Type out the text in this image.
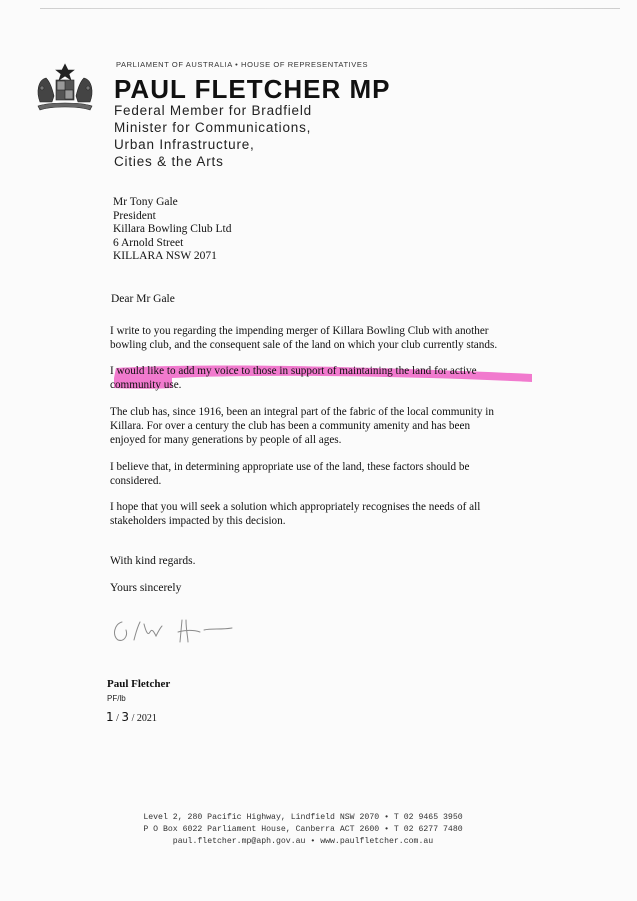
PARLIAMENT OF AUSTRALIA • HOUSE OF REPRESENTATIVES
PAUL FLETCHER MP
Federal Member for Bradfield
Minister for Communications,
Urban Infrastructure,
Cities & the Arts
Mr Tony Gale
President
Killara Bowling Club Ltd
6 Arnold Street
KILLARA NSW 2071
Dear Mr Gale
I write to you regarding the impending merger of Killara Bowling Club with another
bowling club, and the consequent sale of the land on which your club currently stands.
I would like to add my voice to those in support of maintaining the land for active
community use.
The club has, since 1916, been an integral part of the fabric of the local community in
Killara. For over a century the club has been a community amenity and has been
enjoyed for many generations by people of all ages.
I believe that, in determining appropriate use of the land, these factors should be
considered.
I hope that you will seek a solution which appropriately recognises the needs of all
stakeholders impacted by this decision.
With kind regards.
Yours sincerely
Paul Fletcher
PF/lb
1 / 3 / 2021
Level 2, 280 Pacific Highway, Lindfield NSW 2070 • T 02 9465 3950
P O Box 6022 Parliament House, Canberra ACT 2600 • T 02 6277 7480
paul.fletcher.mp@aph.gov.au • www.paulfletcher.com.au
